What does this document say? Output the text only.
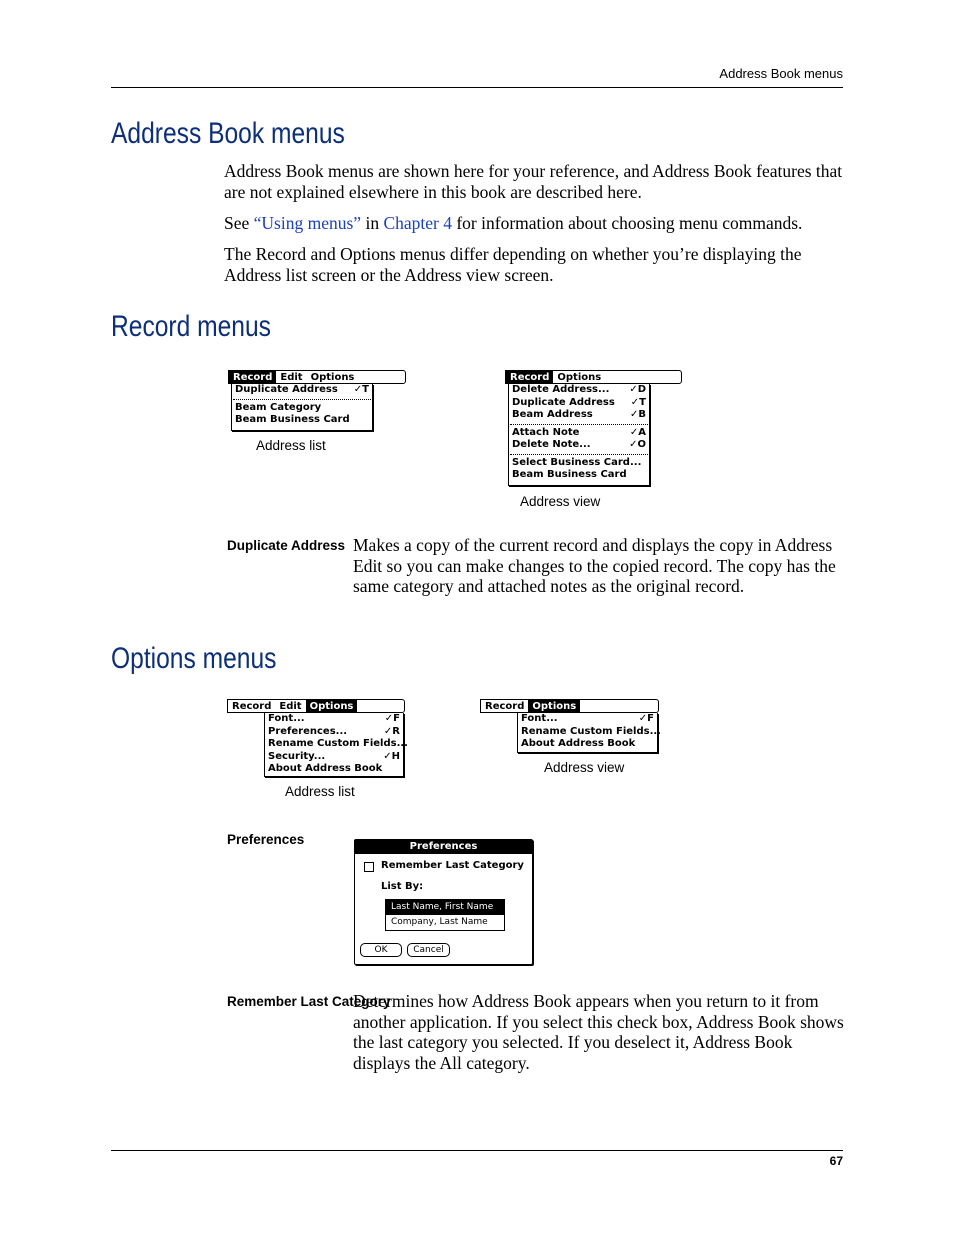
Address Book menus
67
Address Book menus

Address Book menus are shown here for your reference, and Address Book features that are not explained elsewhere in this book are described here.

See “Using menus” in Chapter 4 for information about choosing menu commands.

The Record and Options menus differ depending on whether you’re displaying the Address list screen or the Address view screen.

Record menus
Record Edit Options
Duplicate Address ✓T
Beam Category
Beam Business Card
Address list
Record Options
Delete Address... ✓D
Duplicate Address ✓T
Beam Address	✓B
Attach Note	✓A
Delete Note...	✓O
Select Business Card...
Beam Business Card
Address view
Duplicate Address Makes a copy of the current record and displays the copy in Address Edit so you can make changes to the copied record. The copy has the same category and attached notes as the original record.
Options menus
Record Edit Options
Font...	✓F
Preferences...	✓R
Rename Custom Fields...
Security...	✓H
About Address Book
Address list
Record Options
Font...	✓F
Rename Custom Fields...
About Address Book
Address view
Preferences	Preferences
Remember Last Category
List By:
Last Name, First Name
Company, Last Name
OK	Cancel
Remember Last Category
Determines how Address Book appears when you return to it from another application. If you select this check box, Address Book shows the last category you selected. If you deselect it, Address Book displays the All category.
